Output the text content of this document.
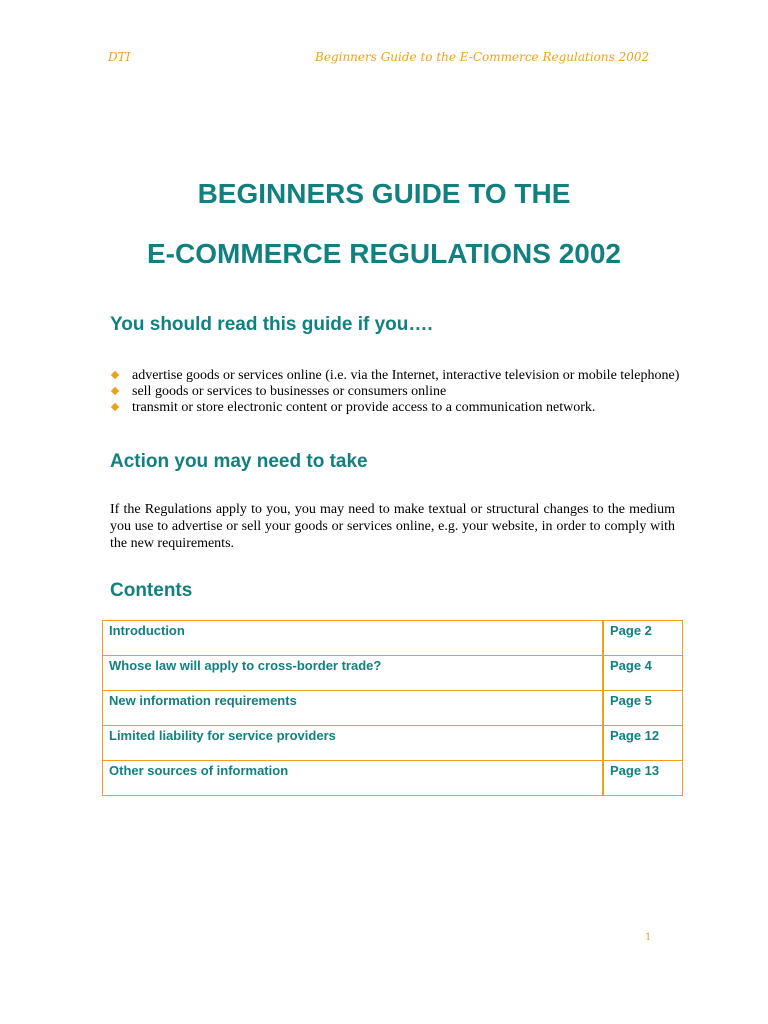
DTI	Beginners Guide to the E-Commerce Regulations 2002
BEGINNERS GUIDE TO THE
E-COMMERCE REGULATIONS 2002
You should read this guide if you….
advertise goods or services online (i.e. via the Internet, interactive television or mobile telephone)
sell goods or services to businesses or consumers online
transmit or store electronic content or provide access to a communication network.
Action you may need to take

If the Regulations apply to you, you may need to make textual or structural changes to the medium you use to advertise or sell your goods or services online, e.g. your website, in order to comply with the new requirements.

Contents
Introduction	Page 2
Whose law will apply to cross-border trade?	Page 4
New information requirements	Page 5
Limited liability for service providers	Page 12
Other sources of information	Page 13
1
